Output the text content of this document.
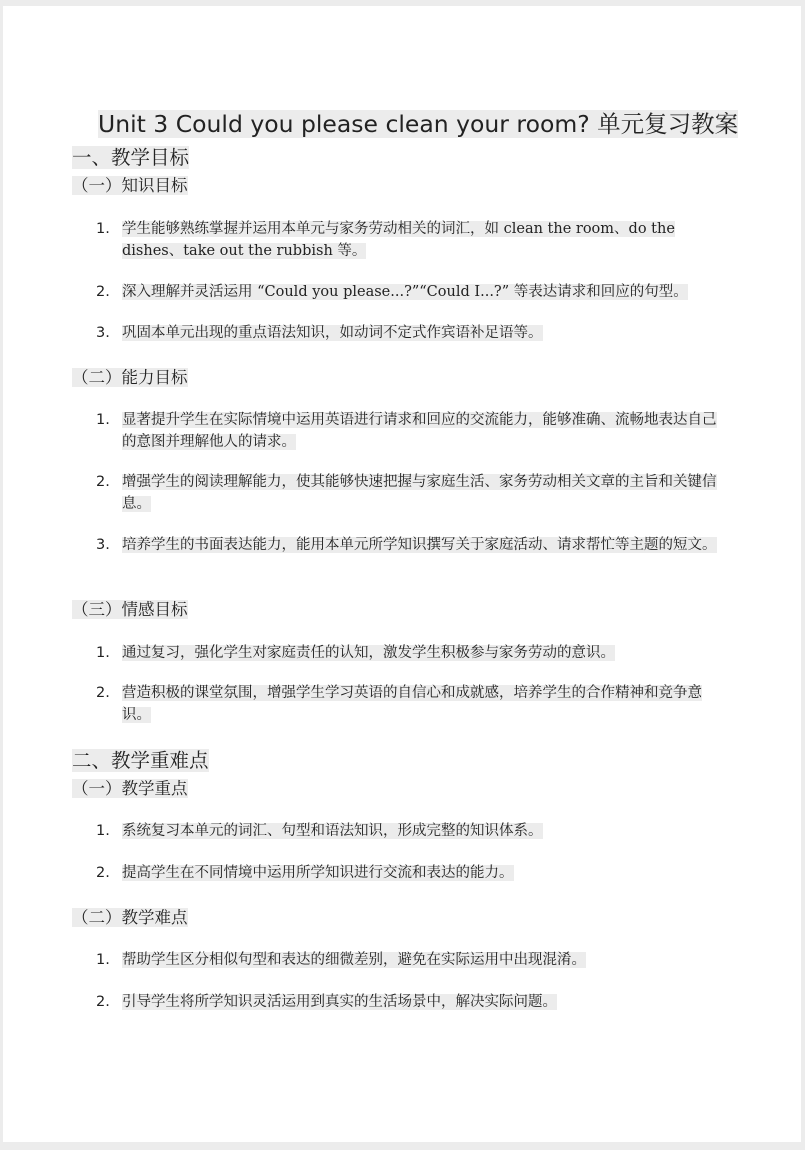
Unit 3 Could you please clean your room? 单元复习教案
一、教学目标
（一）知识目标
1. 学生能够熟练掌握并运用本单元与家务劳动相关的词汇，如 clean the room、do the dishes、take out the rubbish 等。
2. 深入理解并灵活运用 “Could you please...?”“Could I...?” 等表达请求和回应的句型。
3. 巩固本单元出现的重点语法知识，如动词不定式作宾语补足语等。
（二）能力目标
1. 显著提升学生在实际情境中运用英语进行请求和回应的交流能力，能够准确、流畅地表达自己的意图并理解他人的请求。
2. 增强学生的阅读理解能力，使其能够快速把握与家庭生活、家务劳动相关文章的主旨和关键信息。
3. 培养学生的书面表达能力，能用本单元所学知识撰写关于家庭活动、请求帮忙等主题的短文。
（三）情感目标
1. 通过复习，强化学生对家庭责任的认知，激发学生积极参与家务劳动的意识。
2. 营造积极的课堂氛围，增强学生学习英语的自信心和成就感，培养学生的合作精神和竞争意识。
二、教学重难点
（一）教学重点
1. 系统复习本单元的词汇、句型和语法知识，形成完整的知识体系。
2. 提高学生在不同情境中运用所学知识进行交流和表达的能力。
（二）教学难点
1. 帮助学生区分相似句型和表达的细微差别，避免在实际运用中出现混淆。
2. 引导学生将所学知识灵活运用到真实的生活场景中，解决实际问题。
